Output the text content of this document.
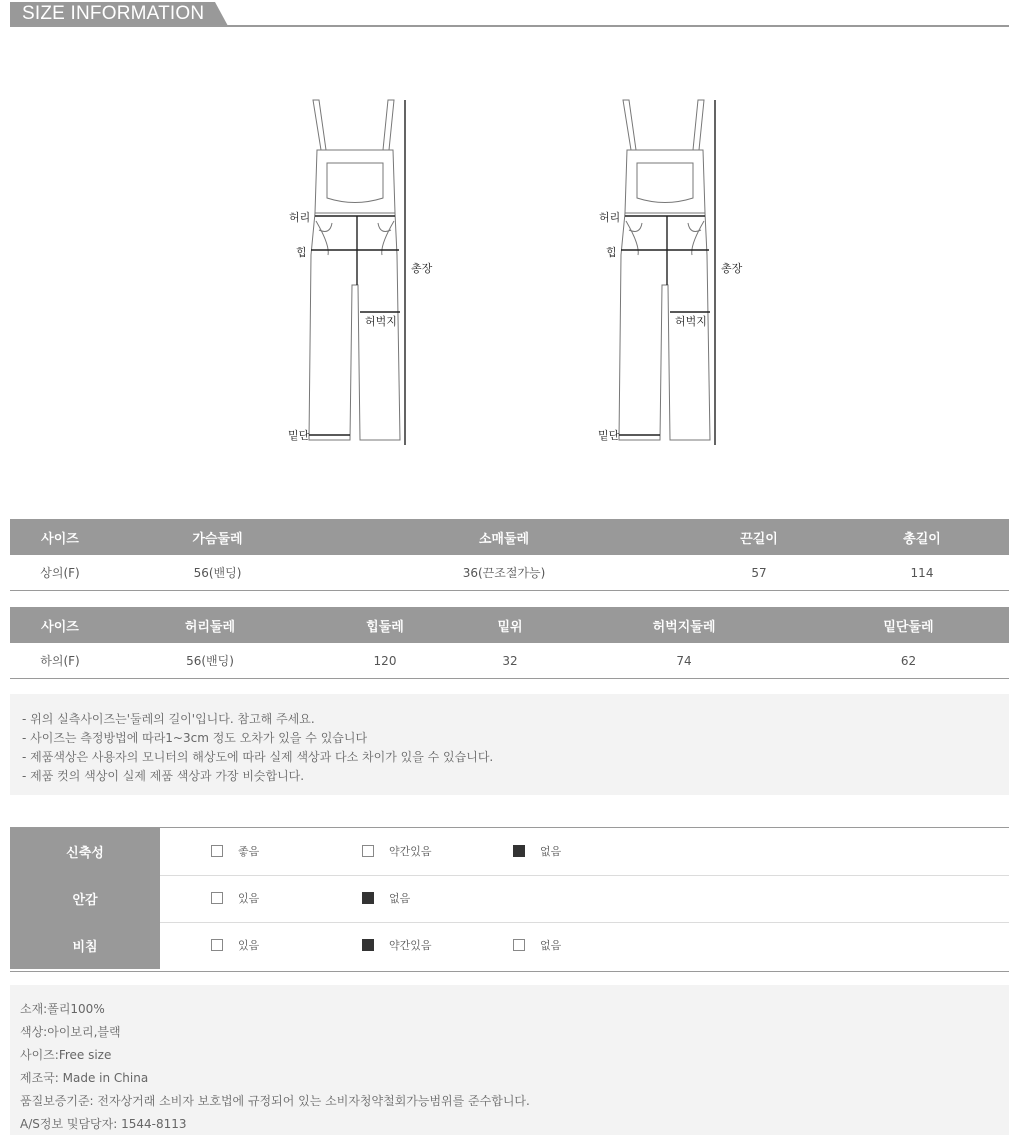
SIZE INFORMATION
허리
힙
총장
허벅지
밑단
허리
힙
총장
허벅지
밑단
사이즈	가슴둘레	소매둘레	끈길이	총길이
상의(F)	56(밴딩)	36(끈조절가능)	57	114
사이즈	허리둘레	힙둘레	밑위	허벅지둘레	밑단둘레
하의(F)	56(밴딩)	120	32	74	62
- 위의 실측사이즈는'둘레의 길이'입니다. 참고해 주세요.
- 사이즈는 측정방법에 따라1~3cm 정도 오차가 있을 수 있습니다
- 제품색상은 사용자의 모니터의 해상도에 따라 실제 색상과 다소 차이가 있을 수 있습니다.
- 제품 컷의 색상이 실제 제품 색상과 가장 비슷합니다.
신축성	좋음	약간있음	없음
안감	있음	없음
비침	있음	약간있음	없음
소재:폴리100%
색상:아이보리,블랙
사이즈:Free size
제조국: Made in China
품질보증기준: 전자상거래 소비자 보호법에 규정되어 있는 소비자청약철회가능범위를 준수합니다.
A/S정보 및담당자: 1544-8113
